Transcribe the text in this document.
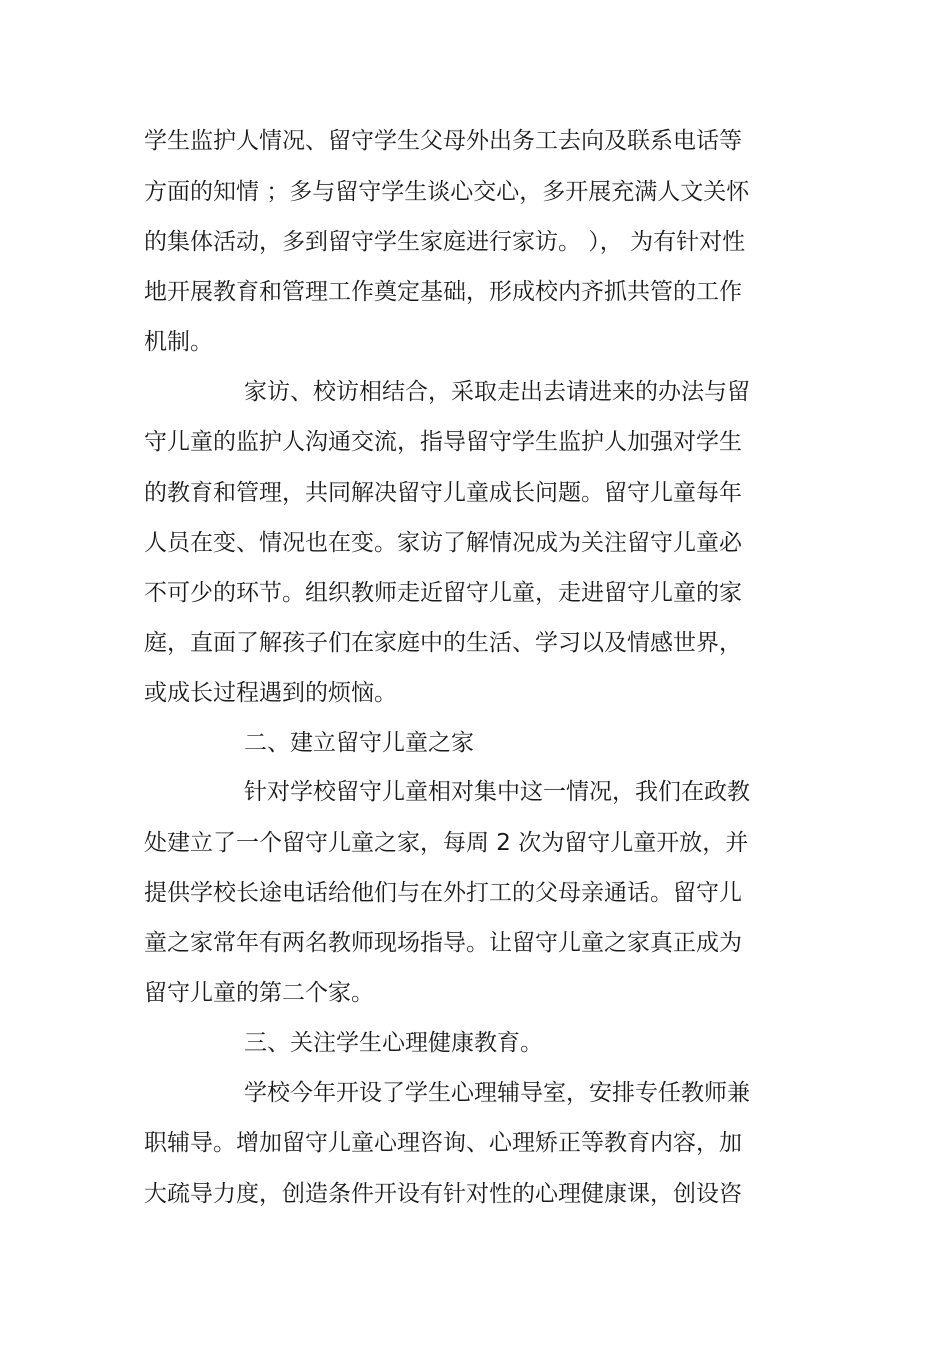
学生监护人情况、留守学生父母外出务工去向及联系电话等
方面的知情 ；多与留守学生谈心交心，多开展充满人文关怀
的集体活动，多到留守学生家庭进行家访。 ）， 为有针对性
地开展教育和管理工作奠定基础，形成校内齐抓共管的工作
机制。
家访、校访相结合，采取走出去请进来的办法与留
守儿童的监护人沟通交流，指导留守学生监护人加强对学生
的教育和管理，共同解决留守儿童成长问题。留守儿童每年
人员在变、情况也在变。家访了解情况成为关注留守儿童必
不可少的环节。组织教师走近留守儿童，走进留守儿童的家
庭，直面了解孩子们在家庭中的生活、学习以及情感世界，
或成长过程遇到的烦恼。
二、建立留守儿童之家
针对学校留守儿童相对集中这一情况，我们在政教
处建立了一个留守儿童之家，每周 2 次为留守儿童开放，并
提供学校长途电话给他们与在外打工的父母亲通话。留守儿
童之家常年有两名教师现场指导。让留守儿童之家真正成为
留守儿童的第二个家。
三、关注学生心理健康教育。
学校今年开设了学生心理辅导室，安排专任教师兼
职辅导。增加留守儿童心理咨询、心理矫正等教育内容，加
大疏导力度，创造条件开设有针对性的心理健康课，创设咨
